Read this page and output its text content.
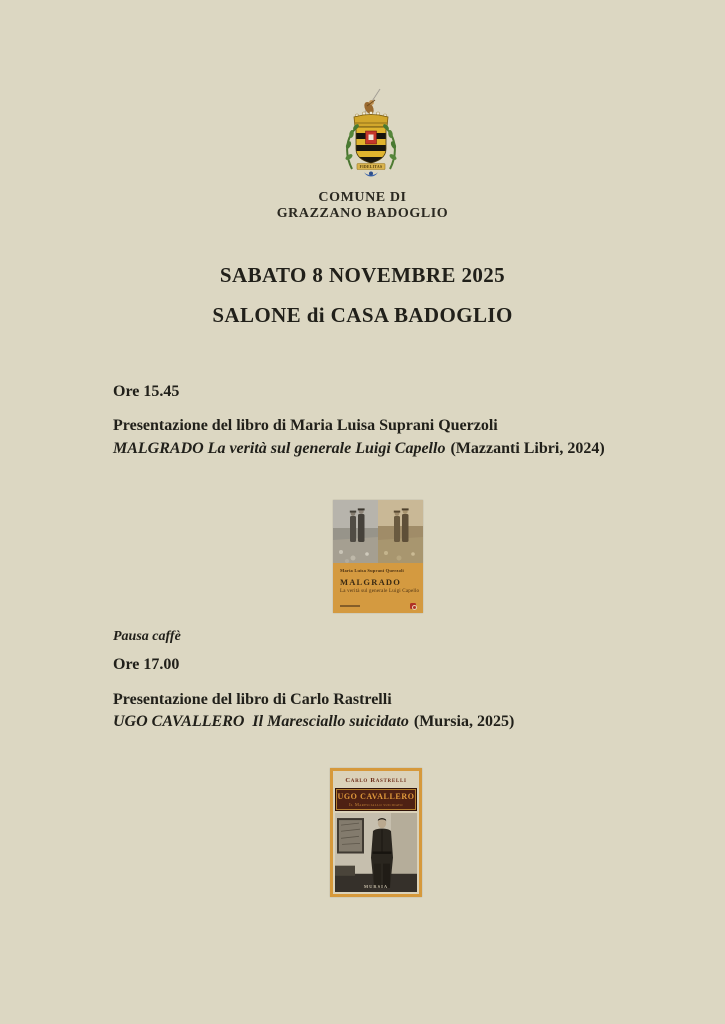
FIDELITAS
COMUNE DI
GRAZZANO BADOGLIO
SABATO 8 NOVEMBRE 2025
SALONE di CASA BADOGLIO
Ore 15.45
Presentazione del libro di Maria Luisa Suprani Querzoli
MALGRADO La verità sul generale Luigi Capello (Mazzanti Libri, 2024)
Maria Luisa Suprani Querzoli
MALGRADO
La verità sul generale Luigi Capello
Pausa caffè
Ore 17.00
Presentazione del libro di Carlo Rastrelli
UGO CAVALLERO  Il Maresciallo suicidato (Mursia, 2025)
Carlo Rastrelli
UGO CAVALLERO
Il Maresciallo suicidato
MURSIA
